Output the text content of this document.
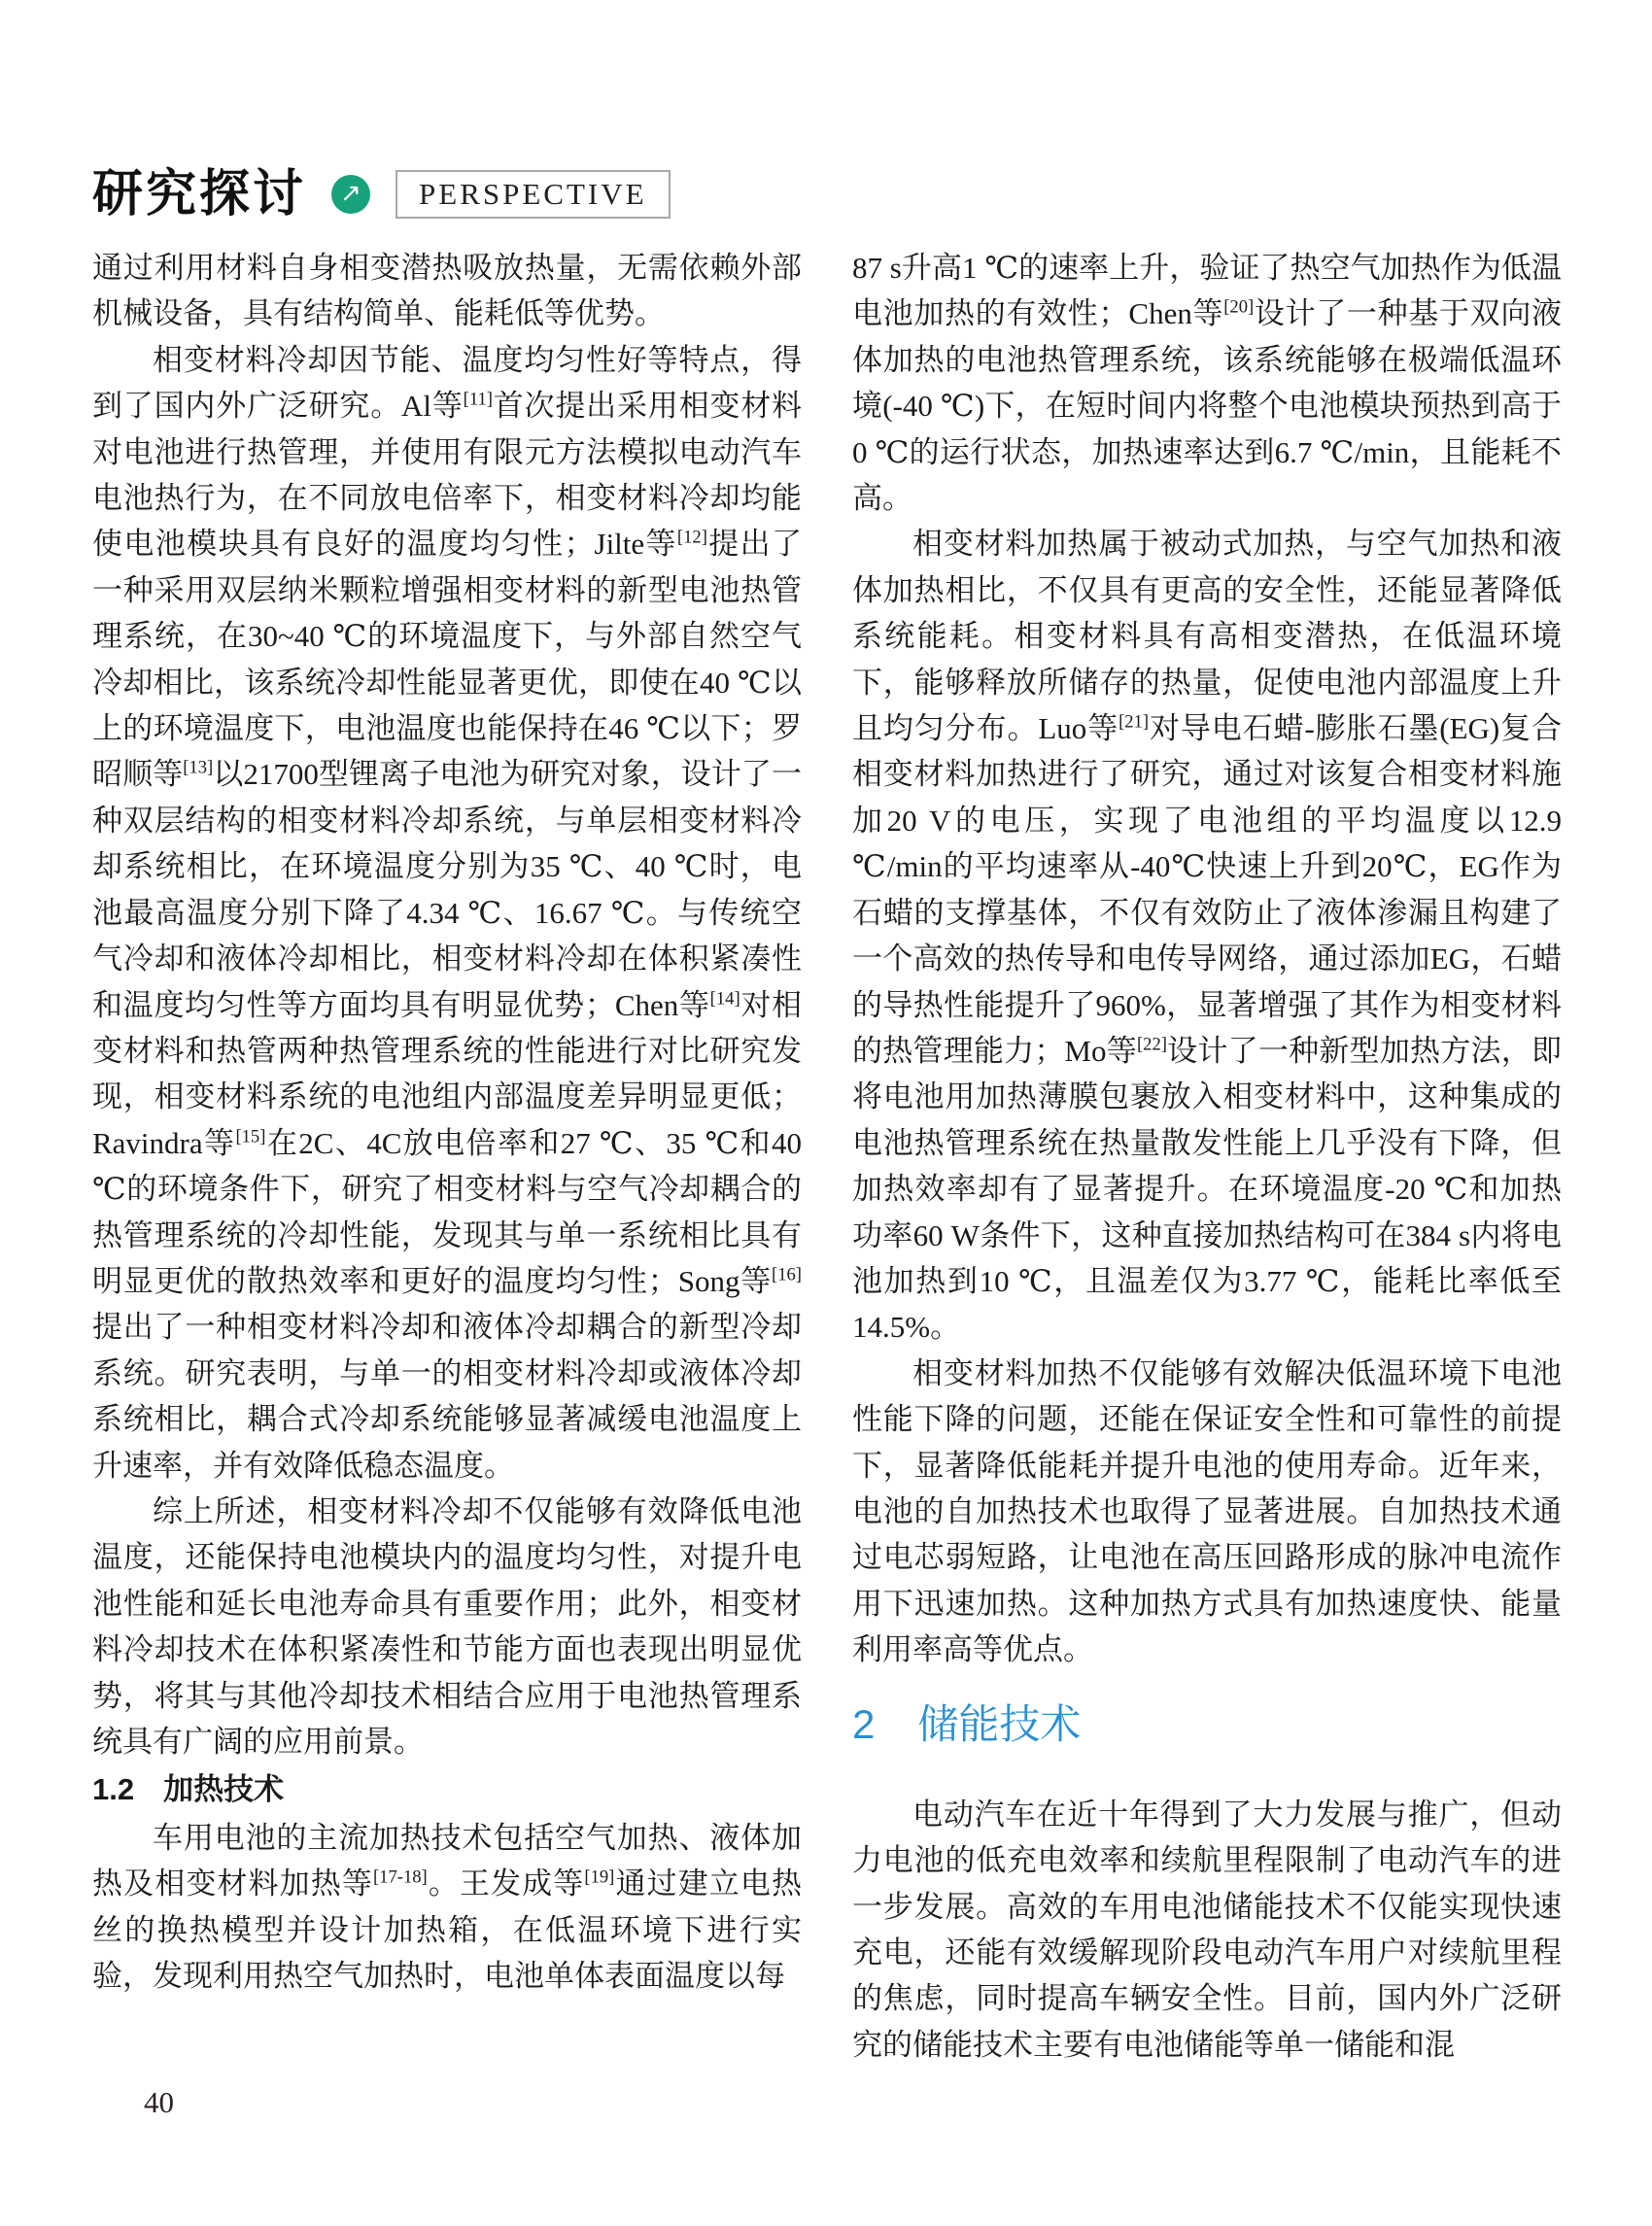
研究探讨 ↗	PERSPECTIVE

通过利用材料自身相变潜热吸放热量，无需依赖外部机械设备，具有结构简单、能耗低等优势。

相变材料冷却因节能、温度均匀性好等特点，得到了国内外广泛研究。Al等[11]首次提出采用相变材料对电池进行热管理，并使用有限元方法模拟电动汽车电池热行为，在不同放电倍率下，相变材料冷却均能使电池模块具有良好的温度均匀性；Jilte等[12]提出了一种采用双层纳米颗粒增强相变材料的新型电池热管理系统，在30~40 ℃的环境温度下，与外部自然空气冷却相比，该系统冷却性能显著更优，即使在40 ℃以上的环境温度下，电池温度也能保持在46 ℃以下；罗昭顺等[13]以21700型锂离子电池为研究对象，设计了一种双层结构的相变材料冷却系统，与单层相变材料冷却系统相比，在环境温度分别为35 ℃、40 ℃时，电池最高温度分别下降了4.34 ℃、16.67 ℃。与传统空气冷却和液体冷却相比，相变材料冷却在体积紧凑性和温度均匀性等方面均具有明显优势；Chen等[14]对相变材料和热管两种热管理系统的性能进行对比研究发现，相变材料系统的电池组内部温度差异明显更低；Ravindra等[15]在2C、4C放电倍率和27 ℃、35 ℃和40 ℃的环境条件下，研究了相变材料与空气冷却耦合的热管理系统的冷却性能，发现其与单一系统相比具有明显更优的散热效率和更好的温度均匀性；Song等[16]提出了一种相变材料冷却和液体冷却耦合的新型冷却系统。研究表明，与单一的相变材料冷却或液体冷却系统相比，耦合式冷却系统能够显著减缓电池温度上升速率，并有效降低稳态温度。

综上所述，相变材料冷却不仅能够有效降低电池温度，还能保持电池模块内的温度均匀性，对提升电池性能和延长电池寿命具有重要作用；此外，相变材料冷却技术在体积紧凑性和节能方面也表现出明显优势，将其与其他冷却技术相结合应用于电池热管理系统具有广阔的应用前景。

1.2 加热技术

车用电池的主流加热技术包括空气加热、液体加热及相变材料加热等[17-18]。王发成等[19]通过建立电热丝的换热模型并设计加热箱，在低温环境下进行实验，发现利用热空气加热时，电池单体表面温度以每

87 s升高1 ℃的速率上升，验证了热空气加热作为低温电池加热的有效性；Chen等[20]设计了一种基于双向液体加热的电池热管理系统，该系统能够在极端低温环境(-40 ℃)下，在短时间内将整个电池模块预热到高于0 ℃的运行状态，加热速率达到6.7 ℃/min，且能耗不高。

相变材料加热属于被动式加热，与空气加热和液体加热相比，不仅具有更高的安全性，还能显著降低系统能耗。相变材料具有高相变潜热，在低温环境下，能够释放所储存的热量，促使电池内部温度上升且均匀分布。Luo等[21]对导电石蜡-膨胀石墨(EG)复合相变材料加热进行了研究，通过对该复合相变材料施加20 V的电压，实现了电池组的平均温度以12.9 ℃/min的平均速率从-40℃快速上升到20℃，EG作为石蜡的支撑基体，不仅有效防止了液体渗漏且构建了一个高效的热传导和电传导网络，通过添加EG，石蜡的导热性能提升了960%，显著增强了其作为相变材料的热管理能力；Mo等[22]设计了一种新型加热方法，即将电池用加热薄膜包裹放入相变材料中，这种集成的电池热管理系统在热量散发性能上几乎没有下降，但加热效率却有了显著提升。在环境温度-20 ℃和加热功率60 W条件下，这种直接加热结构可在384 s内将电池加热到10 ℃，且温差仅为3.77 ℃，能耗比率低至14.5%。

相变材料加热不仅能够有效解决低温环境下电池性能下降的问题，还能在保证安全性和可靠性的前提下，显著降低能耗并提升电池的使用寿命。近年来，电池的自加热技术也取得了显著进展。自加热技术通过电芯弱短路，让电池在高压回路形成的脉冲电流作用下迅速加热。这种加热方式具有加热速度快、能量利用率高等优点。

2 储能技术

电动汽车在近十年得到了大力发展与推广，但动力电池的低充电效率和续航里程限制了电动汽车的进一步发展。高效的车用电池储能技术不仅能实现快速充电，还能有效缓解现阶段电动汽车用户对续航里程的焦虑，同时提高车辆安全性。目前，国内外广泛研究的储能技术主要有电池储能等单一储能和混

40
